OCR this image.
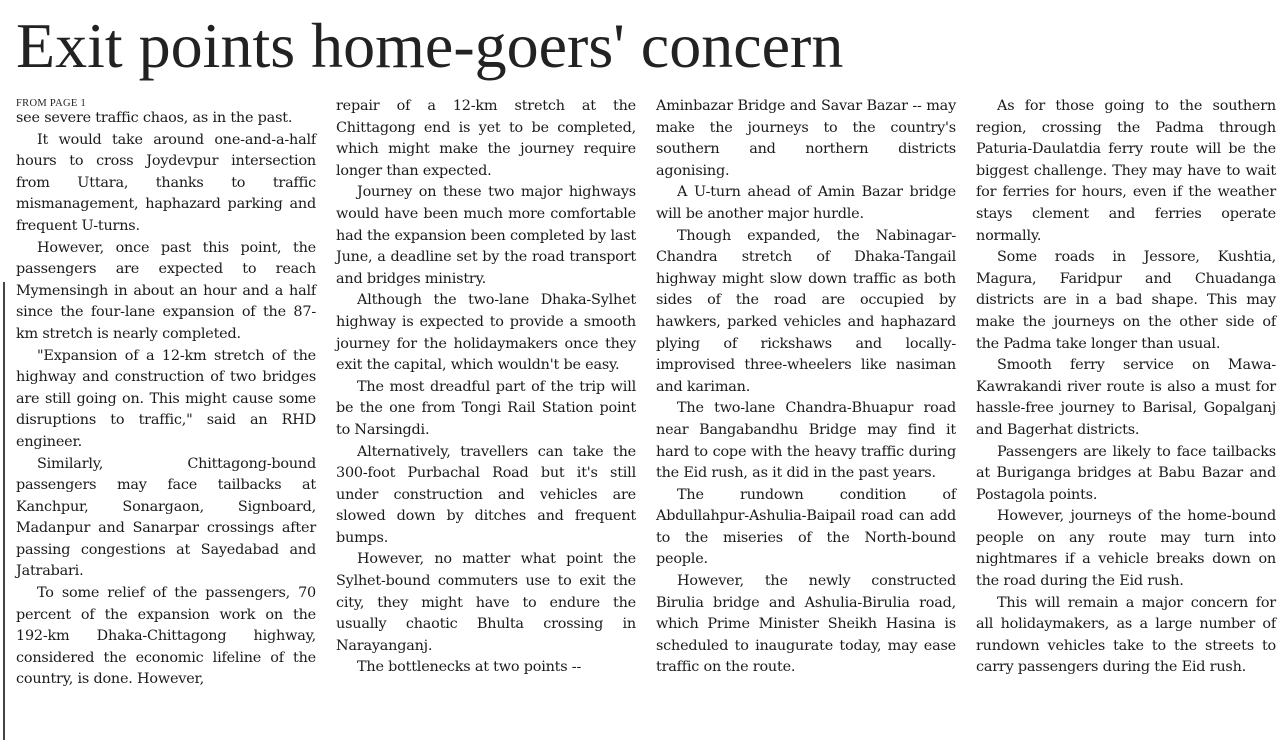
Exit points home-goers' concern
FROM PAGE 1

see severe traffic chaos, as in the past.

It would take around one-and-a-half hours to cross Joydevpur intersection from Uttara, thanks to traffic mismanagement, haphazard parking and frequent U-turns.

However, once past this point, the passengers are expected to reach Mymensingh in about an hour and a half since the four-lane expansion of the 87-km stretch is nearly completed.

"Expansion of a 12-km stretch of the highway and construction of two bridges are still going on. This might cause some disruptions to traffic," said an RHD engineer.

Similarly, Chittagong-bound passengers may face tailbacks at Kanchpur, Sonargaon, Signboard, Madanpur and Sanarpar crossings after passing congestions at Sayedabad and Jatrabari.

To some relief of the passengers, 70 percent of the expansion work on the 192-km Dhaka-Chittagong highway, considered the economic lifeline of the country, is done. However,

repair of a 12-km stretch at the Chittagong end is yet to be completed, which might make the journey require longer than expected.

Journey on these two major highways would have been much more comfortable had the expansion been completed by last June, a deadline set by the road transport and bridges ministry.

Although the two-lane Dhaka-Sylhet highway is expected to provide a smooth journey for the holidaymakers once they exit the capital, which wouldn't be easy.

The most dreadful part of the trip will be the one from Tongi Rail Station point to Narsingdi.

Alternatively, travellers can take the 300-foot Purbachal Road but it's still under construction and vehicles are slowed down by ditches and frequent bumps.

However, no matter what point the Sylhet-bound commuters use to exit the city, they might have to endure the usually chaotic Bhulta crossing in Narayanganj.

The bottlenecks at two points --

Aminbazar Bridge and Savar Bazar -- may make the journeys to the country's southern and northern districts agonising.

A U-turn ahead of Amin Bazar bridge will be another major hurdle.

Though expanded, the Nabinagar-Chandra stretch of Dhaka-Tangail highway might slow down traffic as both sides of the road are occupied by hawkers, parked vehicles and haphazard plying of rickshaws and locally-improvised three-wheelers like nasiman and kariman.

The two-lane Chandra-Bhuapur road near Bangabandhu Bridge may find it hard to cope with the heavy traffic during the Eid rush, as it did in the past years.

The rundown condition of Abdullahpur-Ashulia-Baipail road can add to the miseries of the North-bound people.

However, the newly constructed Birulia bridge and Ashulia-Birulia road, which Prime Minister Sheikh Hasina is scheduled to inaugurate today, may ease traffic on the route.

As for those going to the southern region, crossing the Padma through Paturia-Daulatdia ferry route will be the biggest challenge. They may have to wait for ferries for hours, even if the weather stays clement and ferries operate normally.

Some roads in Jessore, Kushtia, Magura, Faridpur and Chuadanga districts are in a bad shape. This may make the journeys on the other side of the Padma take longer than usual.

Smooth ferry service on Mawa-Kawrakandi river route is also a must for hassle-free journey to Barisal, Gopalganj and Bagerhat districts.

Passengers are likely to face tailbacks at Buriganga bridges at Babu Bazar and Postagola points.

However, journeys of the home-bound people on any route may turn into nightmares if a vehicle breaks down on the road during the Eid rush.

This will remain a major concern for all holidaymakers, as a large number of rundown vehicles take to the streets to carry passengers during the Eid rush.
